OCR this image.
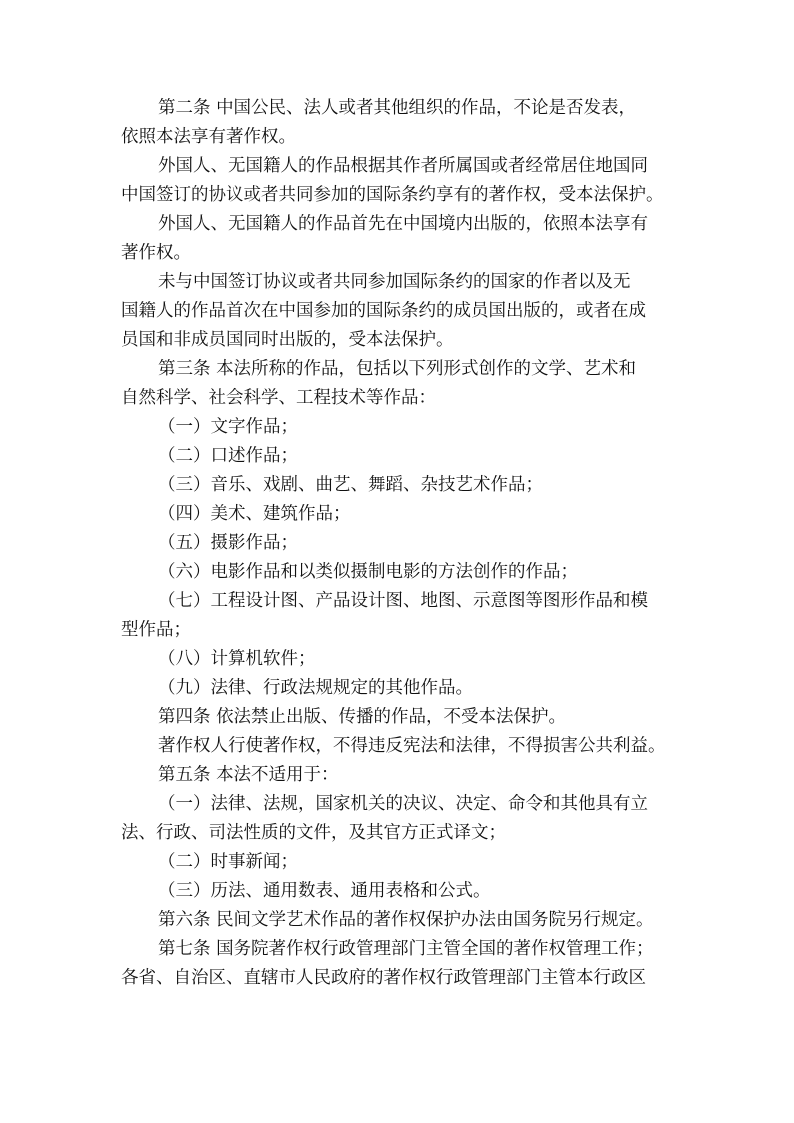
第二条 中国公民、法人或者其他组织的作品，不论是否发表，
依照本法享有著作权。
外国人、无国籍人的作品根据其作者所属国或者经常居住地国同
中国签订的协议或者共同参加的国际条约享有的著作权，受本法保护。
外国人、无国籍人的作品首先在中国境内出版的，依照本法享有
著作权。
未与中国签订协议或者共同参加国际条约的国家的作者以及无
国籍人的作品首次在中国参加的国际条约的成员国出版的，或者在成
员国和非成员国同时出版的，受本法保护。
第三条 本法所称的作品，包括以下列形式创作的文学、艺术和
自然科学、社会科学、工程技术等作品：
（一）文字作品；
（二）口述作品；
（三）音乐、戏剧、曲艺、舞蹈、杂技艺术作品；
（四）美术、建筑作品；
（五）摄影作品；
（六）电影作品和以类似摄制电影的方法创作的作品；
（七）工程设计图、产品设计图、地图、示意图等图形作品和模
型作品；
（八）计算机软件；
（九）法律、行政法规规定的其他作品。
第四条 依法禁止出版、传播的作品，不受本法保护。
著作权人行使著作权，不得违反宪法和法律，不得损害公共利益。
第五条 本法不适用于：
（一）法律、法规，国家机关的决议、决定、命令和其他具有立
法、行政、司法性质的文件，及其官方正式译文；
（二）时事新闻；
（三）历法、通用数表、通用表格和公式。
第六条 民间文学艺术作品的著作权保护办法由国务院另行规定。
第七条 国务院著作权行政管理部门主管全国的著作权管理工作；
各省、自治区、直辖市人民政府的著作权行政管理部门主管本行政区
